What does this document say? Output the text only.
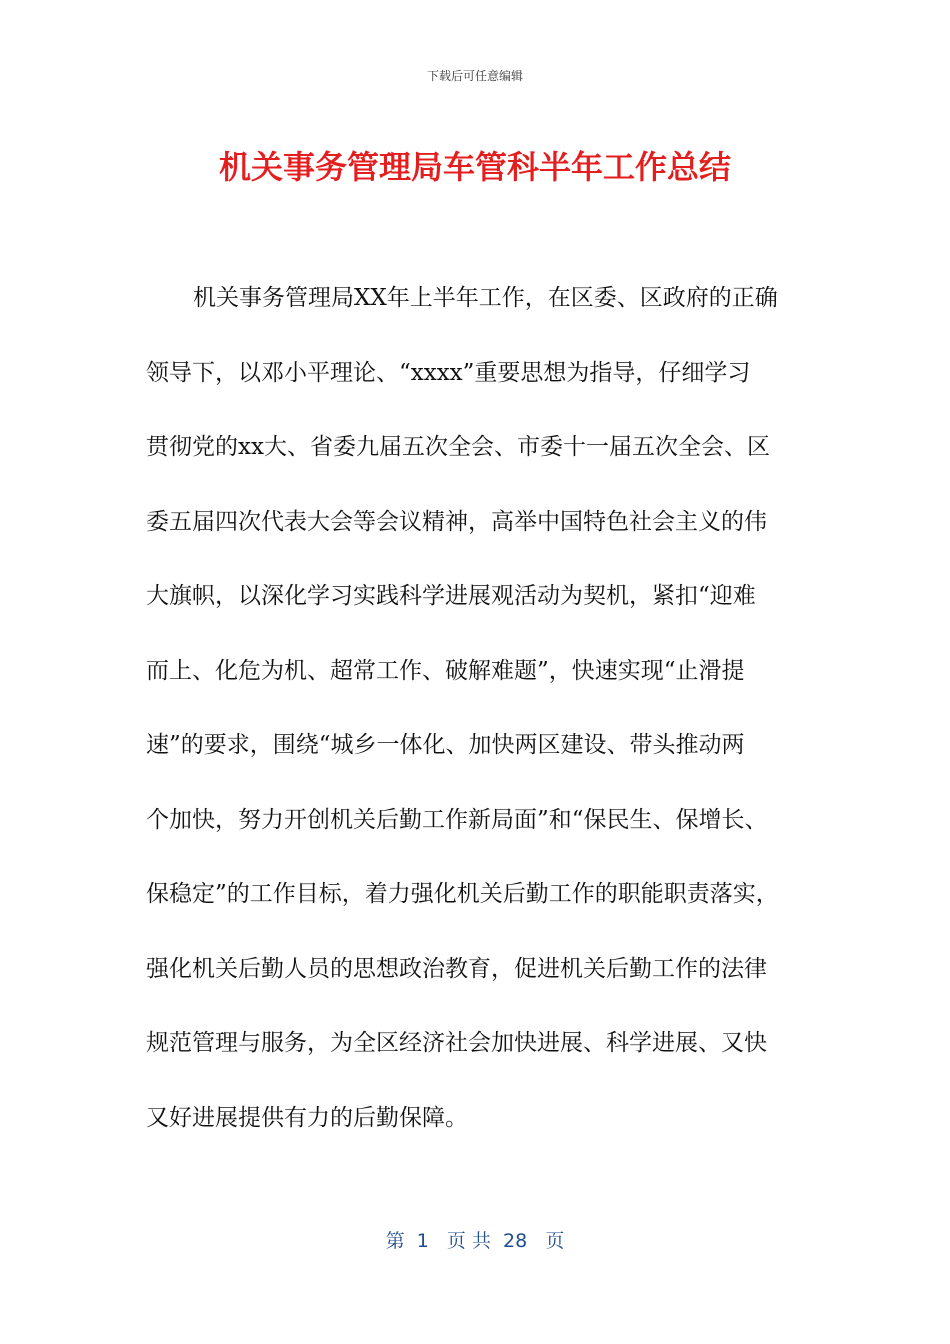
下载后可任意编辑
机关事务管理局车管科半年工作总结
机关事务管理局XX年上半年工作，在区委、区政府的正确
领导下，以邓小平理论、“xxxx”重要思想为指导，仔细学习
贯彻党的xx大、省委九届五次全会、市委十一届五次全会、区
委五届四次代表大会等会议精神，高举中国特色社会主义的伟
大旗帜，以深化学习实践科学进展观活动为契机，紧扣“迎难
而上、化危为机、超常工作、破解难题”，快速实现“止滑提
速”的要求，围绕“城乡一体化、加快两区建设、带头推动两
个加快，努力开创机关后勤工作新局面”和“保民生、保增长、
保稳定”的工作目标，着力强化机关后勤工作的职能职责落实，
强化机关后勤人员的思想政治教育，促进机关后勤工作的法律
规范管理与服务，为全区经济社会加快进展、科学进展、又快
又好进展提供有力的后勤保障。
第  1   页 共  28   页
